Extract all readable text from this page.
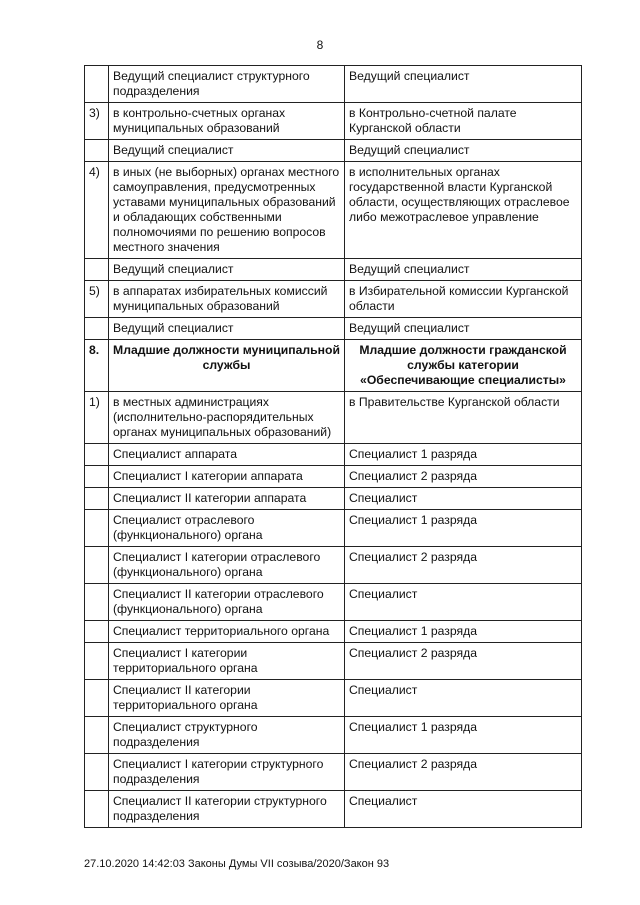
8
	Ведущий специалист структурного подразделения	Ведущий специалист
3)	в контрольно-счетных органах муниципальных образований	в Контрольно-счетной палате Курганской области
	Ведущий специалист	Ведущий специалист
4)	в иных (не выборных) органах местного самоуправления, предусмотренных уставами муниципальных образований и обладающих собственными полномочиями по решению вопросов местного значения	в исполнительных органах государственной власти Курганской области, осуществляющих отраслевое либо межотраслевое управление
	Ведущий специалист	Ведущий специалист
5)	в аппаратах избирательных комиссий муниципальных образований	в Избирательной комиссии Курганской области
	Ведущий специалист	Ведущий специалист
8.	Младшие должности муниципальной службы	Младшие должности гражданской службы категории «Обеспечивающие специалисты»
1)	в местных администрациях (исполнительно-распорядительных органах муниципальных образований)	в Правительстве Курганской области
	Специалист аппарата	Специалист 1 разряда
	Специалист I категории аппарата	Специалист 2 разряда
	Специалист II категории аппарата	Специалист
	Специалист отраслевого (функционального) органа	Специалист 1 разряда
	Специалист I категории отраслевого (функционального) органа	Специалист 2 разряда
	Специалист II категории отраслевого (функционального) органа	Специалист
	Специалист территориального органа	Специалист 1 разряда
	Специалист I категории территориального органа	Специалист 2 разряда
	Специалист II категории территориального органа	Специалист
	Специалист структурного подразделения	Специалист 1 разряда
	Специалист I категории структурного подразделения	Специалист 2 разряда
	Специалист II категории структурного подразделения	Специалист
27.10.2020 14:42:03 Законы Думы VII созыва/2020/Закон 93
